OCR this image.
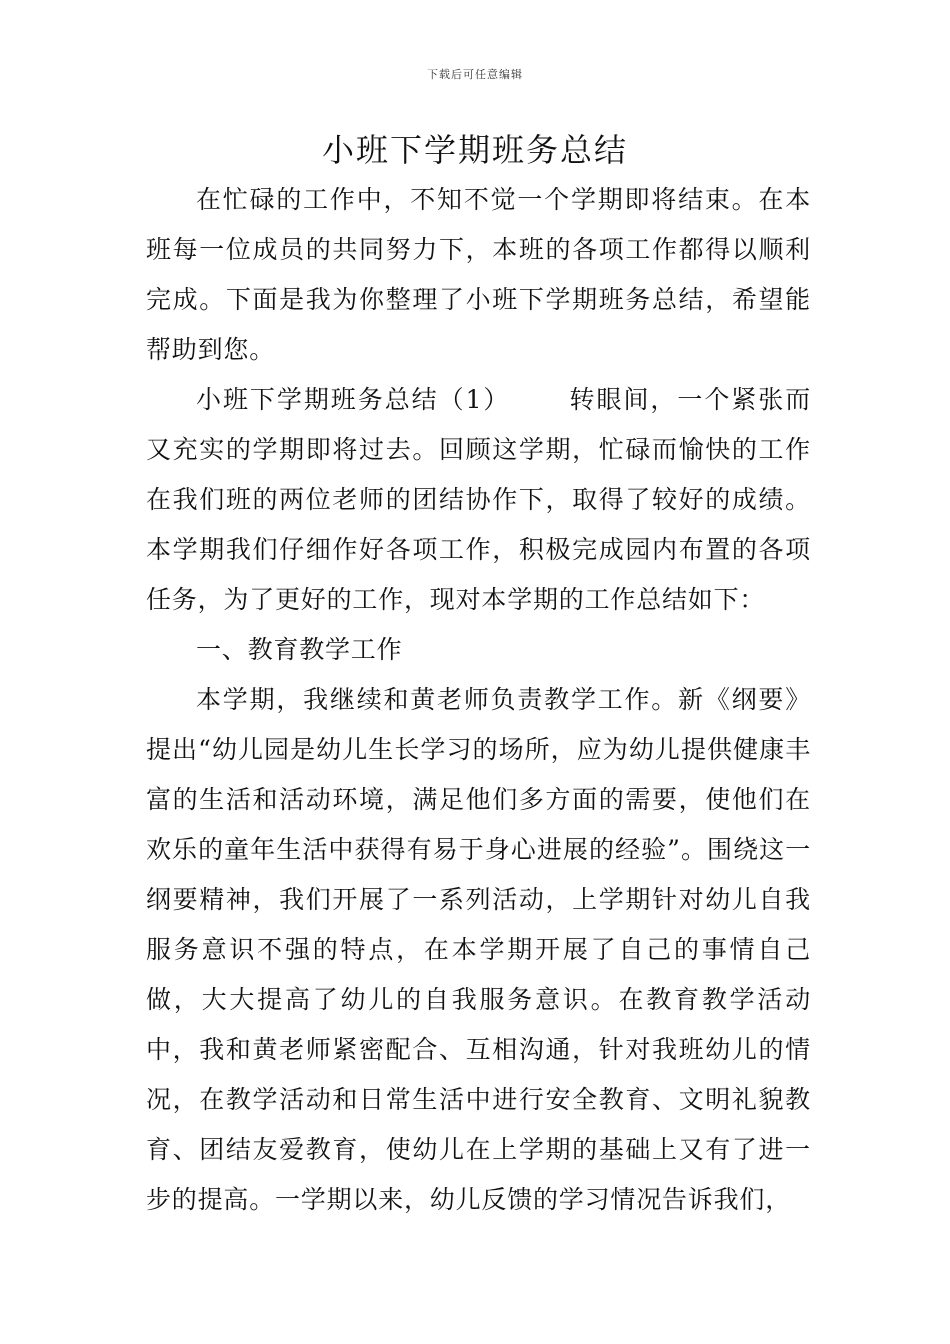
下载后可任意编辑
小班下学期班务总结

在忙碌的工作中，不知不觉一个学期即将结束。在本班每一位成员的共同努力下，本班的各项工作都得以顺利完成。下面是我为你整理了小班下学期班务总结，希望能帮助到您。

小班下学期班务总结（1） 转眼间，一个紧张而又充实的学期即将过去。回顾这学期，忙碌而愉快的工作在我们班的两位老师的团结协作下，取得了较好的成绩。本学期我们仔细作好各项工作，积极完成园内布置的各项任务，为了更好的工作，现对本学期的工作总结如下：

一、教育教学工作

本学期，我继续和黄老师负责教学工作。新《纲要》提出“幼儿园是幼儿生长学习的场所，应为幼儿提供健康丰富的生活和活动环境，满足他们多方面的需要，使他们在欢乐的童年生活中获得有易于身心进展的经验”。围绕这一纲要精神，我们开展了一系列活动，上学期针对幼儿自我服务意识不强的特点，在本学期开展了自己的事情自己做，大大提高了幼儿的自我服务意识。在教育教学活动中，我和黄老师紧密配合、互相沟通，针对我班幼儿的情况，在教学活动和日常生活中进行安全教育、文明礼貌教育、团结友爱教育，使幼儿在上学期的基础上又有了进一步的提高。一学期以来，幼儿反馈的学习情况告诉我们，
